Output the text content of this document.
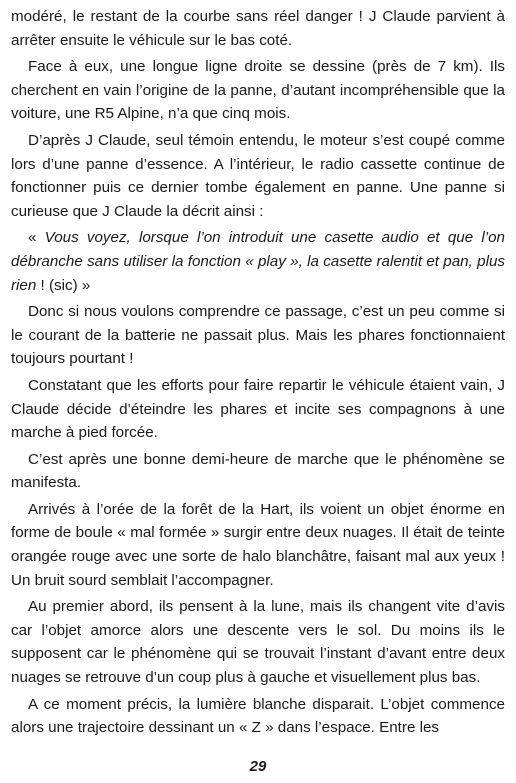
modéré, le restant de la courbe sans réel danger ! J Claude parvient à arrêter ensuite le véhicule sur le bas coté.

Face à eux, une longue ligne droite se dessine (près de 7 km). Ils cherchent en vain l’origine de la panne, d’autant incompréhensible que la voiture, une R5 Alpine, n’a que cinq mois.

D’après J Claude, seul témoin entendu, le moteur s’est coupé comme lors d’une panne d’essence. A l’intérieur, le radio cassette continue de fonctionner puis ce dernier tombe également en panne. Une panne si curieuse que J Claude la décrit ainsi :

« Vous voyez, lorsque l’on introduit une casette audio et que l’on débranche sans utiliser la fonction « play », la casette ralentit et pan, plus rien ! (sic) »

Donc si nous voulons comprendre ce passage, c’est un peu comme si le courant de la batterie ne passait plus. Mais les phares fonctionnaient toujours pourtant !

Constatant que les efforts pour faire repartir le véhicule étaient vain, J Claude décide d’éteindre les phares et incite ses compagnons à une marche à pied forcée.

C’est après une bonne demi-heure de marche que le phénomène se manifesta.

Arrivés à l’orée de la forêt de la Hart, ils voient un objet énorme en forme de boule « mal formée » surgir entre deux nuages. Il était de teinte orangée rouge avec une sorte de halo blanchâtre, faisant mal aux yeux ! Un bruit sourd semblait l’accompagner.

Au premier abord, ils pensent à la lune, mais ils changent vite d’avis car l’objet amorce alors une descente vers le sol. Du moins ils le supposent car le phénomène qui se trouvait l’instant d’avant entre deux nuages se retrouve d’un coup plus à gauche et visuellement plus bas.

A ce moment précis, la lumière blanche disparait. L’objet commence alors une trajectoire dessinant un « Z » dans l’espace. Entre les

29
